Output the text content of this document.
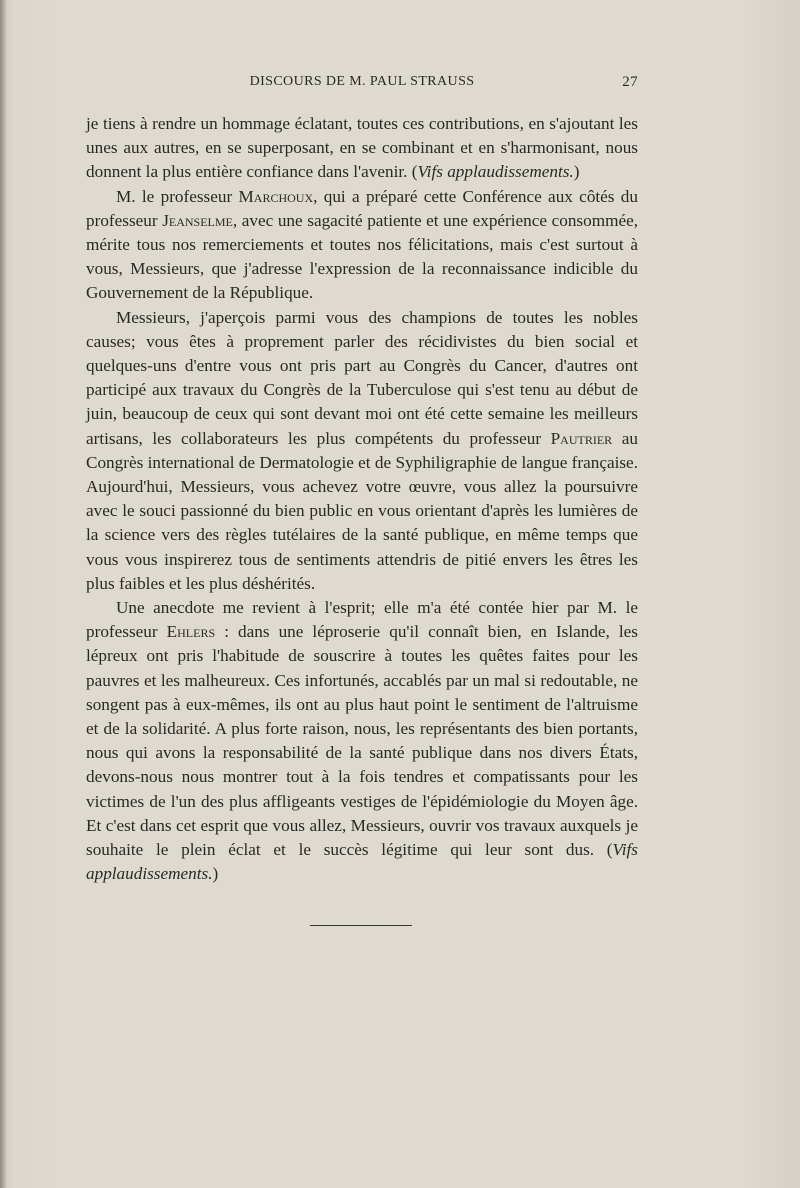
DISCOURS DE M. PAUL STRAUSS	27

je tiens à rendre un hommage éclatant, toutes ces contributions, en s'ajoutant les unes aux autres, en se superposant, en se combinant et en s'harmonisant, nous donnent la plus entière confiance dans l'avenir. (Vifs applaudissements.)

M. le professeur Marchoux, qui a préparé cette Conférence aux côtés du professeur Jeanselme, avec une sagacité patiente et une expérience consommée, mérite tous nos remerciements et toutes nos félicitations, mais c'est surtout à vous, Messieurs, que j'adresse l'expression de la reconnaissance indicible du Gouvernement de la République.

Messieurs, j'aperçois parmi vous des champions de toutes les nobles causes; vous êtes à proprement parler des récidivistes du bien social et quelques-uns d'entre vous ont pris part au Congrès du Cancer, d'autres ont participé aux travaux du Congrès de la Tuberculose qui s'est tenu au début de juin, beaucoup de ceux qui sont devant moi ont été cette semaine les meilleurs artisans, les collaborateurs les plus compétents du professeur Pautrier au Congrès international de Dermatologie et de Syphiligraphie de langue française. Aujourd'hui, Messieurs, vous achevez votre œuvre, vous allez la poursuivre avec le souci passionné du bien public en vous orientant d'après les lumières de la science vers des règles tutélaires de la santé publique, en même temps que vous vous inspirerez tous de sentiments attendris de pitié envers les êtres les plus faibles et les plus déshérités.

Une anecdote me revient à l'esprit; elle m'a été contée hier par M. le professeur Ehlers : dans une léproserie qu'il connaît bien, en Islande, les lépreux ont pris l'habitude de souscrire à toutes les quêtes faites pour les pauvres et les malheureux. Ces infortunés, accablés par un mal si redoutable, ne songent pas à eux-mêmes, ils ont au plus haut point le sentiment de l'altruisme et de la solidarité. A plus forte raison, nous, les représentants des bien portants, nous qui avons la responsabilité de la santé publique dans nos divers États, devons-nous nous montrer tout à la fois tendres et compatissants pour les victimes de l'un des plus affligeants vestiges de l'épidémiologie du Moyen âge. Et c'est dans cet esprit que vous allez, Messieurs, ouvrir vos travaux auxquels je souhaite le plein éclat et le succès légitime qui leur sont dus. (Vifs applaudissements.)
